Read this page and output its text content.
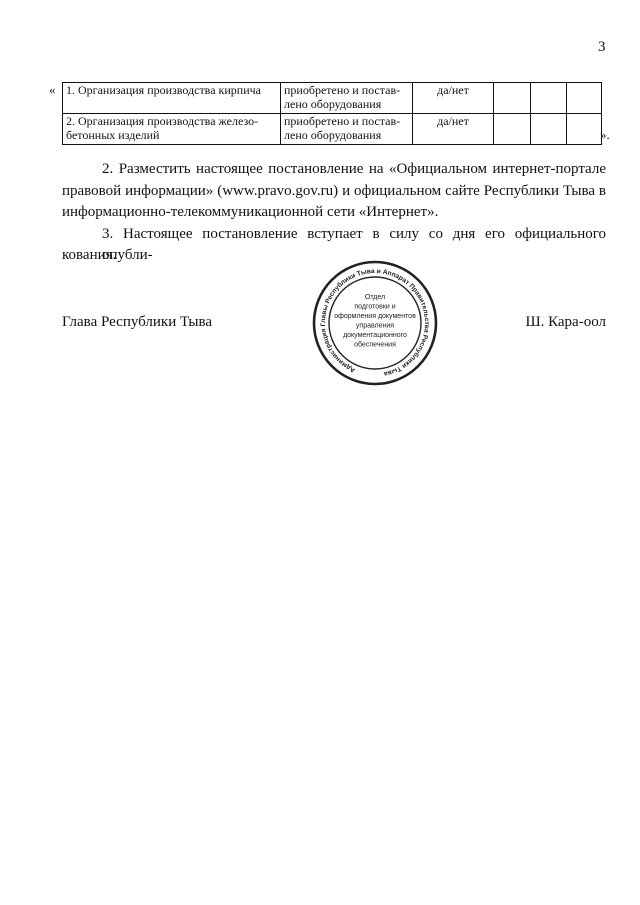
3
« 1. Организация производства кирпича	приобретено и постав-
лено оборудования	да/нет			

2. Организация производства железо-
бетонных изделий	приобретено и постав-
лено оборудования	да/нет			

».
2. Разместить настоящее постановление на «Официальном интернет-портале
правовой информации» (www.pravo.gov.ru) и официальном сайте Республики Тыва в
информационно-телекоммуникационной сети «Интернет».
3. Настоящее постановление вступает в силу со дня его официального опубли-
кования.
Глава Республики Тыва
Администрация Главы Республики Тыва и Аппарат Правительства Республики Тыва
Отдел
подготовки и
оформления документов
управления
документационного
обеспечения
Ш. Кара-оол
